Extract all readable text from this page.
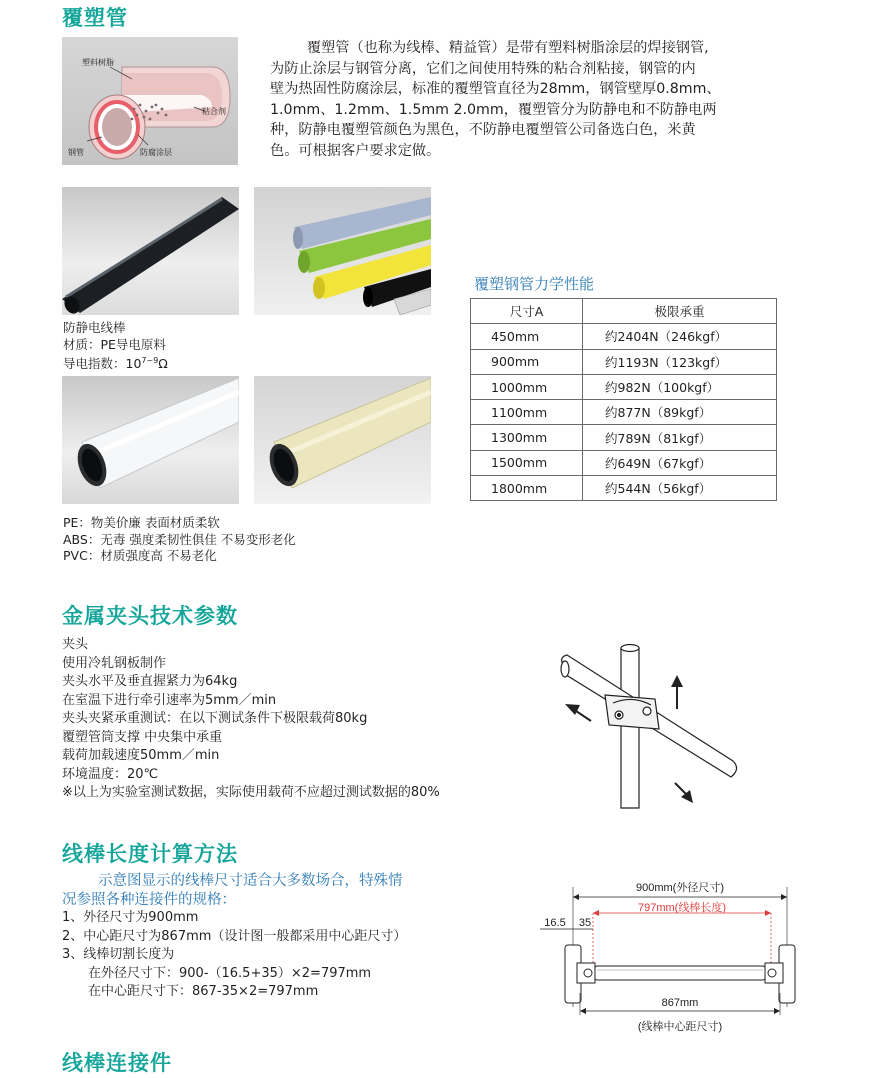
覆塑管
塑料树脂
粘合剂
钢管	防腐涂层

覆塑管（也称为线棒、精益管）是带有塑料树脂涂层的焊接钢管,

为防止涂层与钢管分离，它们之间使用特殊的粘合剂粘接，钢管的内
壁为热固性防腐涂层，标准的覆塑管直径为28mm，钢管壁厚0.8mm、
1.0mm、1.2mm、1.5mm 2.0mm，覆塑管分为防静电和不防静电两
种，防静电覆塑管颜色为黑色，不防静电覆塑管公司备选白色，米黄
色。可根据客户要求定做。
防静电线棒
材质：PE导电原料
导电指数：$10^{7\sim 9}\Omega$
PE：物美价廉 表面材质柔软
ABS：无毒 强度柔韧性俱佳 不易变形老化
PVC：材质强度高 不易老化
覆塑钢管力学性能
尺寸A	极限承重
450mm	约2404N（246kgf）
900mm	约1193N（123kgf）
1000mm	约982N（100kgf）
1100mm	约877N（89kgf）
1300mm	约789N（81kgf）
1500mm	约649N（67kgf）
1800mm	约544N（56kgf）
金属夹头技术参数
夹头
使用冷轧钢板制作
夹头水平及垂直握紧力为64kg
在室温下进行牵引速率为5mm／min
夹头夹紧承重测试：在以下测试条件下极限载荷80kg
覆塑管筒支撑 中央集中承重
载荷加载速度50mm／min
环境温度：20℃
※以上为实验室测试数据，实际使用载荷不应超过测试数据的80%
线棒长度计算方法
示意图显示的线棒尺寸适合大多数场合，特殊情
况参照各种连接件的规格：
1、外径尺寸为900mm
2、中心距尺寸为867mm（设计图一般都采用中心距尺寸）
3、线棒切割长度为
在外径尺寸下：900-（16.5+35）×2=797mm
在中心距尺寸下：867-35×2=797mm
900mm(外径尺寸)
797mm(线棒长度)
16.5 35
867mm
(线棒中心距尺寸)
线棒连接件
